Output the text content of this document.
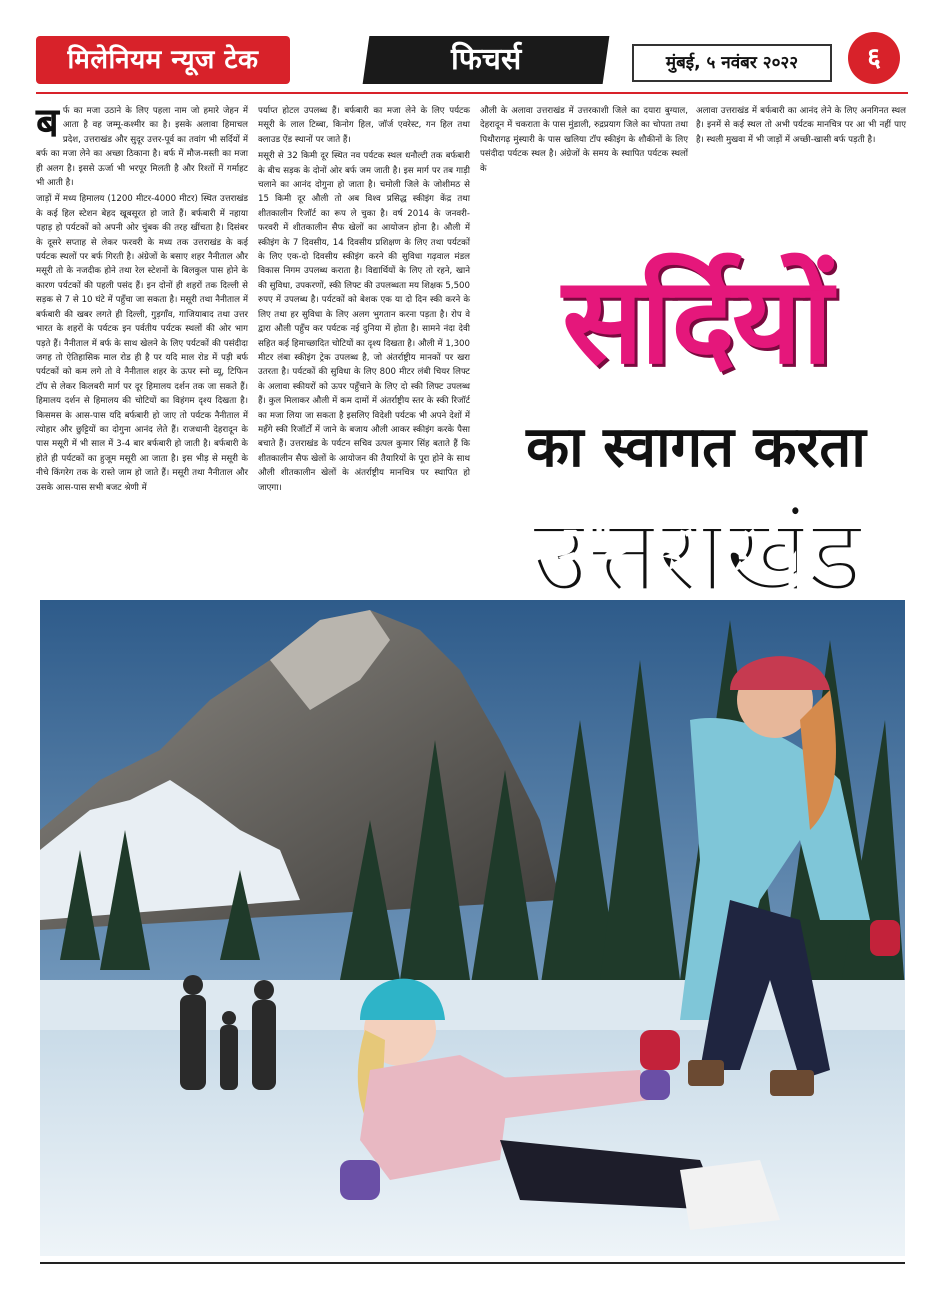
मिलेनियम न्यूज टेक	फिचर्स	मुंबई, ५ नवंबर २०२२	६

बर्फ का मजा उठाने के लिए पहला नाम जो हमारे जेहन में आता है वह जम्मू-कश्मीर का है। इसके अलावा हिमाचल प्रदेश, उत्तराखंड और सुदूर उत्तर-पूर्व का तवांग भी सर्दियों में बर्फ का मजा लेने का अच्छा ठिकाना है। बर्फ में मौज-मस्ती का मजा ही अलग है। इससे ऊर्जा भी भरपूर मिलती है और रिश्तों में गर्माहट भी आती है।

जाड़ों में मध्य हिमालय (1200 मीटर-4000 मीटर) स्थित उत्तराखंड के कई हिल स्टेशन बेहद खूबसूरत हो जाते हैं। बर्फबारी में नहाया पहाड़ हो पर्यटकों को अपनी ओर चुंबक की तरह खींचता है। दिसंबर के दूसरे सप्ताह से लेकर फरवरी के मध्य तक उत्तराखंड के कई पर्यटक स्थलों पर बर्फ गिरती है। अंग्रेजों के बसाए शहर नैनीताल और मसूरी तो के नजदीक होने तथा रेल स्टेशनों के बिलकुल पास होने के कारण पर्यटकों की पहली पसंद हैं। इन दोनों ही शहरों तक दिल्ली से सड़क से 7 से 10 घंटे में पहुँचा जा सकता है। मसूरी तथा नैनीताल में बर्फबारी की खबर लगते ही दिल्ली, गुड़गाँव, गाजियाबाद तथा उत्तर भारत के शहरों के पर्यटक इन पर्वतीय पर्यटक स्थलों की ओर भाग पड़ते हैं। नैनीताल में बर्फ के साथ खेलने के लिए पर्यटकों की पसंदीदा जगह तो ऐतिहासिक माल रोड ही है पर यदि माल रोड में पड़ी बर्फ पर्यटकों को कम लगे तो वे नैनीताल शहर के ऊपर स्नो व्यू, टिफिन टॉप से लेकर किलबरी मार्ग पर दूर हिमालय दर्शन तक जा सकते हैं। हिमालय दर्शन से हिमालय की चोटियों का विहंगम दृश्य दिखता है। किसमस के आस-पास यदि बर्फबारी हो जाए तो पर्यटक नैनीताल में त्योहार और छुट्टियों का दोगुना आनंद लेते हैं। राजधानी देहरादून के पास मसूरी में भी साल में 3-4 बार बर्फबारी हो जाती है। बर्फबारी के होते ही पर्यटकों का हुजूम मसूरी आ जाता है। इस भीड़ से मसूरी के नीचे किंगरेग तक के रास्ते जाम हो जाते हैं। मसूरी तथा नैनीताल और उसके आस-पास सभी बजट श्रेणी में

पर्याप्त होटल उपलब्ध हैं। बर्फबारी का मजा लेने के लिए पर्यटक मसूरी के लाल टिब्बा, किनोग हिल, जॉर्ज एवरेस्ट, गन हिल तथा क्लाउड ऐंड स्थानों पर जाते हैं।

मसूरी से 32 किमी दूर स्थित नव पर्यटक स्थल धनौल्टी तक बर्फबारी के बीच सड़क के दोनों ओर बर्फ जम जाती है। इस मार्ग पर तब गाड़ी चलाने का आनंद दोगुना हो जाता है। चमोली जिले के जोशीमठ से 15 किमी दूर औली तो अब विश्व प्रसिद्ध स्कीइंग केंद्र तथा शीतकालीन रिजॉर्ट का रूप ले चुका है। वर्ष 2014 के जनवरी-फरवरी में शीतकालीन सैफ खेलों का आयोजन होना है। औली में स्कीइंग के 7 दिवसीय, 14 दिवसीय प्रशिक्षण के लिए तथा पर्यटकों के लिए एक-दो दिवसीय स्कीइंग करने की सुविधा गढ़वाल मंडल विकास निगम उपलब्ध कराता है। विद्यार्थियों के लिए तो रहने, खाने की सुविधा, उपकरणों, स्की लिफ्ट की उपलब्धता मय शिक्षक 5,500 रुपए में उपलब्ध है। पर्यटकों को बेशक एक या दो दिन स्की करने के लिए तथा हर सुविधा के लिए अलग भुगतान करना पड़ता है। रोप वे द्वारा औली पहुँच कर पर्यटक नई दुनिया में होता है। सामने नंदा देवी सहित कई हिमाच्छादित चोटियों का दृश्य दिखता है। औली में 1,300 मीटर लंबा स्कीइंग ट्रेक उपलब्ध है, जो अंतर्राष्ट्रीय मानकों पर खरा उतरता है। पर्यटकों की सुविधा के लिए 800 मीटर लंबी चियर लिफ्ट के अलावा स्कीयरों को ऊपर पहुँचाने के लिए दो स्की लिफ्ट उपलब्ध हैं। कुल मिलाकर औली में कम दामों में अंतर्राष्ट्रीय स्तर के स्की रिजॉर्ट का मजा लिया जा सकता है इसलिए विदेशी पर्यटक भी अपने देशों में महँगे स्की रिजॉर्टों में जाने के बजाय औली आकर स्कीइंग करके पैसा बचाते हैं। उत्तराखंड के पर्यटन सचिव उत्पल कुमार सिंह बताते हैं कि शीतकालीन सैफ खेलों के आयोजन की तैयारियों के पूरा होने के साथ औली शीतकालीन खेलों के अंतर्राष्ट्रीय मानचित्र पर स्थापित हो जाएगा।

औली के अलावा उत्तराखंड में उत्तरकाशी जिले का दयारा बुग्याल, देहरादून में चकराता के पास मुंडाली, रुद्रप्रयाग जिले का चोपता तथा पिथौरागढ़ मुंस्यारी के पास खलिया टॉप स्कीइंग के शौकीनों के लिए पसंदीदा पर्यटक स्थल है। अंग्रेजों के समय के स्थापित पर्यटक स्थलों के

अलावा उत्तराखंड में बर्फबारी का आनंद लेने के लिए अनगिनत स्थल है। इनमें से कई स्थल तो अभी पर्यटक मानचित्र पर आ भी नहीं पाए है। स्थली मुखवा में भी जाड़ों में अच्छी-खासी बर्फ पड़ती है।

सर्दियों
का स्वागत करता
उत्तराखंड
